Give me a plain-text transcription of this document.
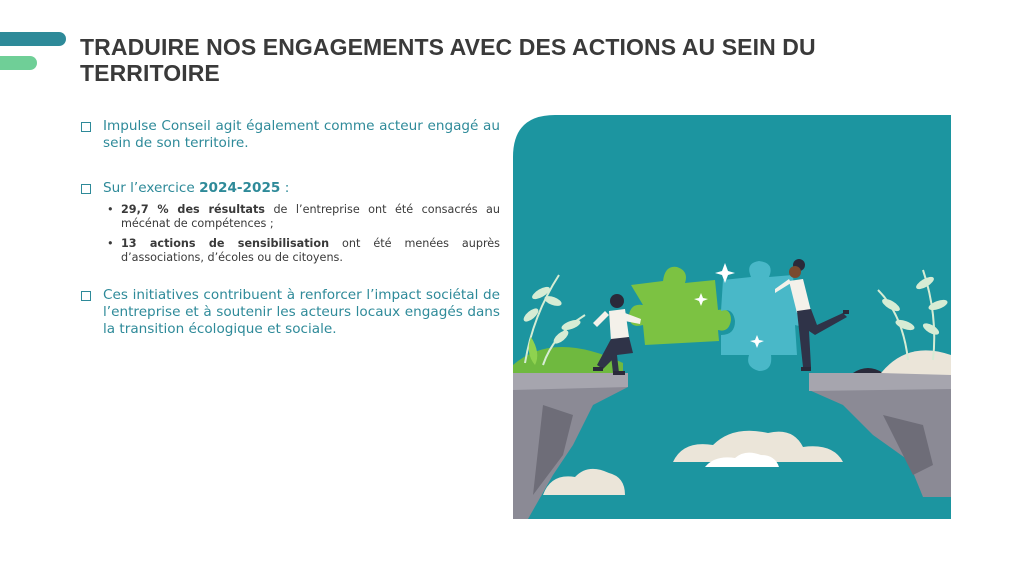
TRADUIRE NOS ENGAGEMENTS AVEC DES ACTIONS AU SEIN DU TERRITOIRE
Impulse Conseil agit également comme acteur engagé au sein de son territoire.
Sur l’exercice 2024-2025 :
• 29,7 % des résultats de l’entreprise ont été consacrés au mécénat de compétences ;
• 13 actions de sensibilisation ont été menées auprès d’associations, d’écoles ou de citoyens.
Ces initiatives contribuent à renforcer l’impact sociétal de l’entreprise et à soutenir les acteurs locaux engagés dans la transition écologique et sociale.
